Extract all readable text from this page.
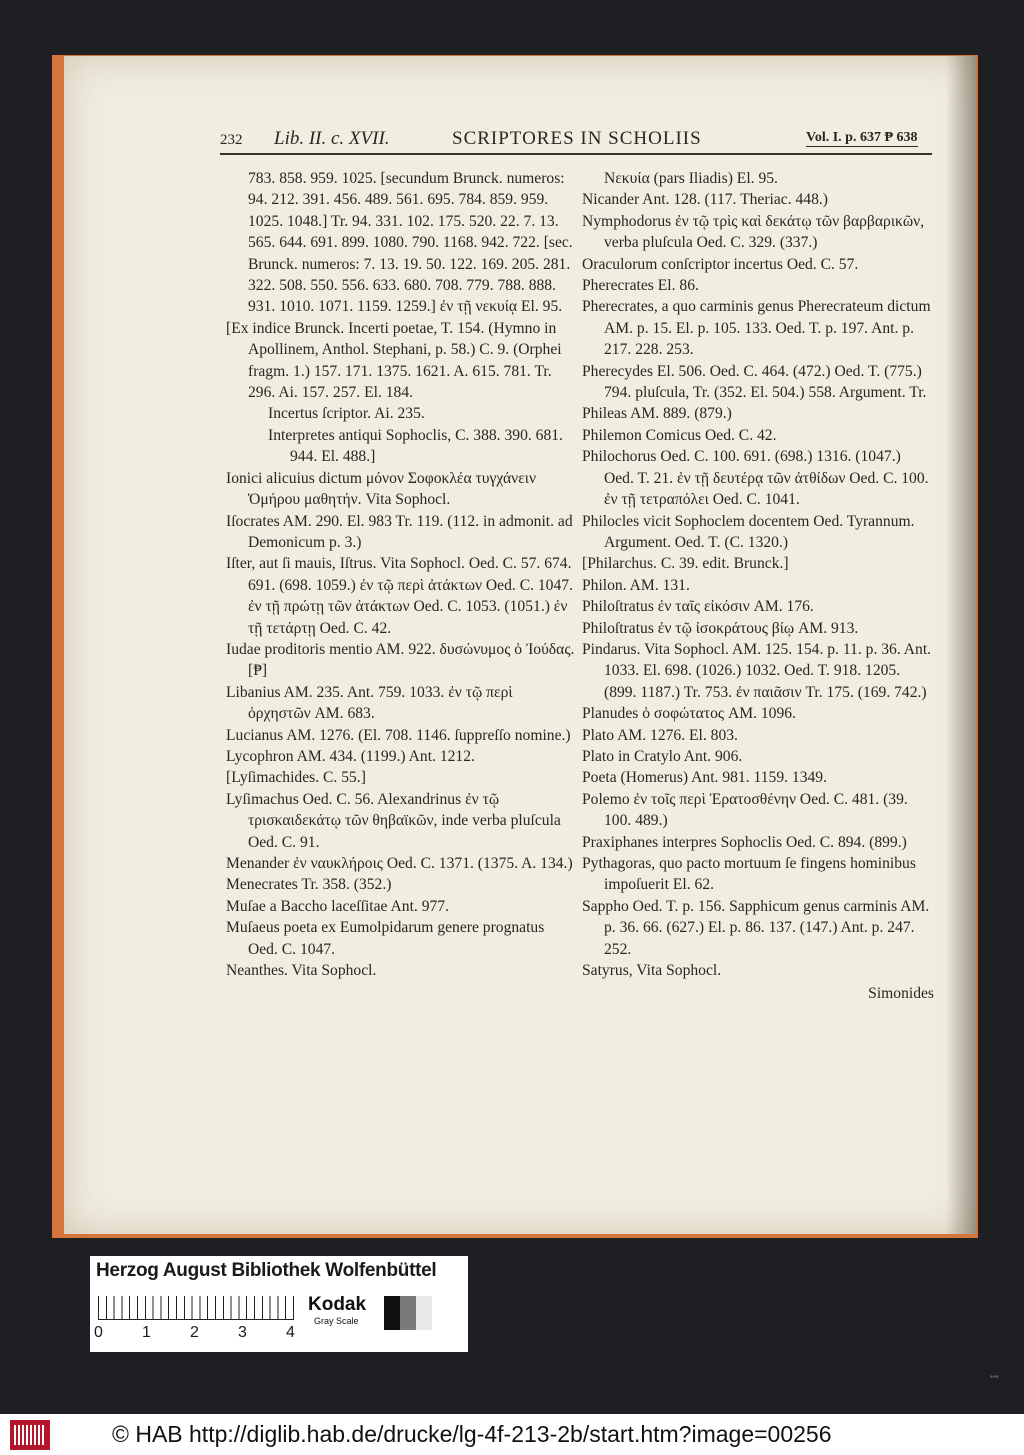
232 Lib. II. c. XVII.	SCRIPTORES IN SCHOLIIS	Vol. I. p. 637 ₱ 638
783. 858. 959. 1025. [secundum Brunck. numeros: 94. 212. 391. 456. 489. 561. 695. 784. 859. 959. 1025. 1048.] Tr. 94. 331. 102. 175. 520. 22. 7. 13. 565. 644. 691. 899. 1080. 790. 1168. 942. 722. [sec. Brunck. numeros: 7. 13. 19. 50. 122. 169. 205. 281. 322. 508. 550. 556. 633. 680. 708. 779. 788. 888. 931. 1010. 1071. 1159. 1259.] ἐν τῇ νεκυίᾳ El. 95.
[Ex indice Brunck. Incerti poetae, T. 154. (Hymno in Apollinem, Anthol. Stephani, p. 58.) C. 9. (Orphei fragm. 1.) 157. 171. 1375. 1621. A. 615. 781. Tr. 296. Ai. 157. 257. El. 184.
Incertus ſcriptor. Ai. 235.
Interpretes antiqui Sophoclis, C. 388. 390. 681. 944. El. 488.]
Ionici alicuius dictum μόνον Σοφοκλέα τυγχάνειν Ὁμήρου μαθητήν. Vita Sophocl.
Iſocrates AM. 290. El. 983 Tr. 119. (112. in admonit. ad Demonicum p. 3.)
Iſter, aut ſi mauis, Iſtrus. Vita Sophocl. Oed. C. 57. 674. 691. (698. 1059.) ἐν τῷ περὶ ἀτάκτων Oed. C. 1047. ἐν τῇ πρώτῃ τῶν ἀτάκτων Oed. C. 1053. (1051.) ἐν τῇ τετάρτῃ Oed. C. 42.
Iudae proditoris mentio AM. 922. δυσώνυμος ὁ Ἰούδας. [₱]
Libanius AM. 235. Ant. 759. 1033. ἐν τῷ περὶ ὀρχηστῶν AM. 683.
Lucianus AM. 1276. (El. 708. 1146. ſuppreſſo nomine.)
Lycophron AM. 434. (1199.) Ant. 1212.
[Lyſimachides. C. 55.]
Lyſimachus Oed. C. 56. Alexandrinus ἐν τῷ τρισκαιδεκάτῳ τῶν θηβαϊκῶν, inde verba pluſcula Oed. C. 91.
Menander ἐν ναυκλήροις Oed. C. 1371. (1375. A. 134.)
Menecrates Tr. 358. (352.)
Muſae a Baccho laceſſitae Ant. 977.
Muſaeus poeta ex Eumolpidarum genere prognatus Oed. C. 1047.
Neanthes. Vita Sophocl.
Νεκυία (pars Iliadis) El. 95.
Nicander Ant. 128. (117. Theriac. 448.)
Nymphodorus ἐν τῷ τρὶς καὶ δεκάτῳ τῶν βαρβαρικῶν, verba pluſcula Oed. C. 329. (337.)
Oraculorum conſcriptor incertus Oed. C. 57.
Pherecrates El. 86.
Pherecrates, a quo carminis genus Pherecrateum dictum AM. p. 15. El. p. 105. 133. Oed. T. p. 197. Ant. p. 217. 228. 253.
Pherecydes El. 506. Oed. C. 464. (472.) Oed. T. (775.) 794. pluſcula, Tr. (352. El. 504.) 558. Argument. Tr.
Phileas AM. 889. (879.)
Philemon Comicus Oed. C. 42.
Philochorus Oed. C. 100. 691. (698.) 1316. (1047.) Oed. T. 21. ἐν τῇ δευτέρᾳ τῶν ἀτθίδων Oed. C. 100. ἐν τῇ τετραπόλει Oed. C. 1041.
Philocles vicit Sophoclem docentem Oed. Tyrannum. Argument. Oed. T. (C. 1320.)
[Philarchus. C. 39. edit. Brunck.]
Philon. AM. 131.
Philoſtratus ἐν ταῖς εἰκόσιν AM. 176.
Philoſtratus ἐν τῷ ἰσοκράτους βίῳ AM. 913.
Pindarus. Vita Sophocl. AM. 125. 154. p. 11. p. 36. Ant. 1033. El. 698. (1026.) 1032. Oed. T. 918. 1205. (899. 1187.) Tr. 753. ἐν παιᾶσιν Tr. 175. (169. 742.)
Planudes ὁ σοφώτατος AM. 1096.
Plato AM. 1276. El. 803.
Plato in Cratylo Ant. 906.
Poeta (Homerus) Ant. 981. 1159. 1349.
Polemo ἐν τοῖς περὶ Ἐρατοσθένην Oed. C. 481. (39. 100. 489.)
Praxiphanes interpres Sophoclis Oed. C. 894. (899.)
Pythagoras, quo pacto mortuum ſe fingens hominibus impoſuerit El. 62.
Sappho Oed. T. p. 156. Sapphicum genus carminis AM. p. 36. 66. (627.) El. p. 86. 137. (147.) Ant. p. 247. 252.
Satyrus, Vita Sophocl.
Simonides
Herzog August Bibliothek Wolfenbüttel
0 1 2 3 4
Kodak
Gray Scale
▪▪▪
© HAB http://diglib.hab.de/drucke/lg-4f-213-2b/start.htm?image=00256
